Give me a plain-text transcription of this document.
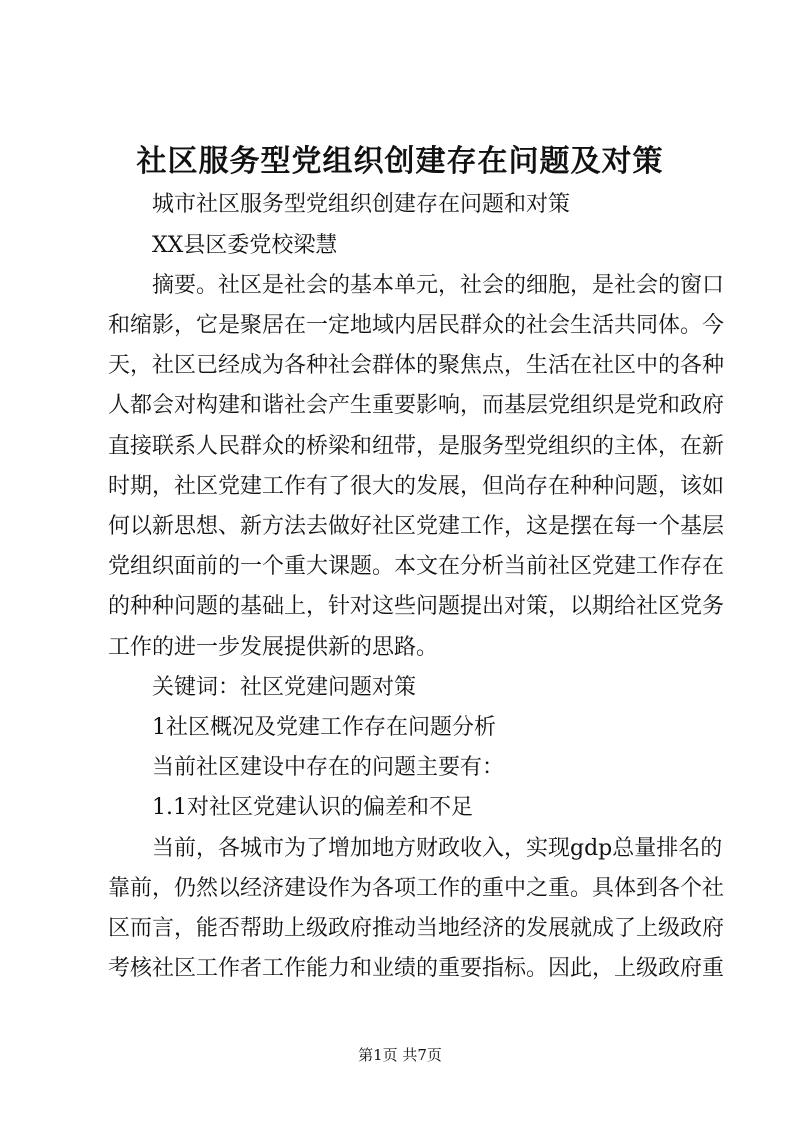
社区服务型党组织创建存在问题及对策
城市社区服务型党组织创建存在问题和对策
XX县区委党校梁慧
摘要。社区是社会的基本单元，社会的细胞，是社会的窗口
和缩影，它是聚居在一定地域内居民群众的社会生活共同体。今
天，社区已经成为各种社会群体的聚焦点，生活在社区中的各种
人都会对构建和谐社会产生重要影响，而基层党组织是党和政府
直接联系人民群众的桥梁和纽带，是服务型党组织的主体，在新
时期，社区党建工作有了很大的发展，但尚存在种种问题，该如
何以新思想、新方法去做好社区党建工作，这是摆在每一个基层
党组织面前的一个重大课题。本文在分析当前社区党建工作存在
的种种问题的基础上，针对这些问题提出对策，以期给社区党务
工作的进一步发展提供新的思路。
关键词：社区党建问题对策
1社区概况及党建工作存在问题分析
当前社区建设中存在的问题主要有：
1.1对社区党建认识的偏差和不足
当前，各城市为了增加地方财政收入，实现gdp总量排名的
靠前，仍然以经济建设作为各项工作的重中之重。具体到各个社
区而言，能否帮助上级政府推动当地经济的发展就成了上级政府
考核社区工作者工作能力和业绩的重要指标。因此，上级政府重
第1页 共7页
